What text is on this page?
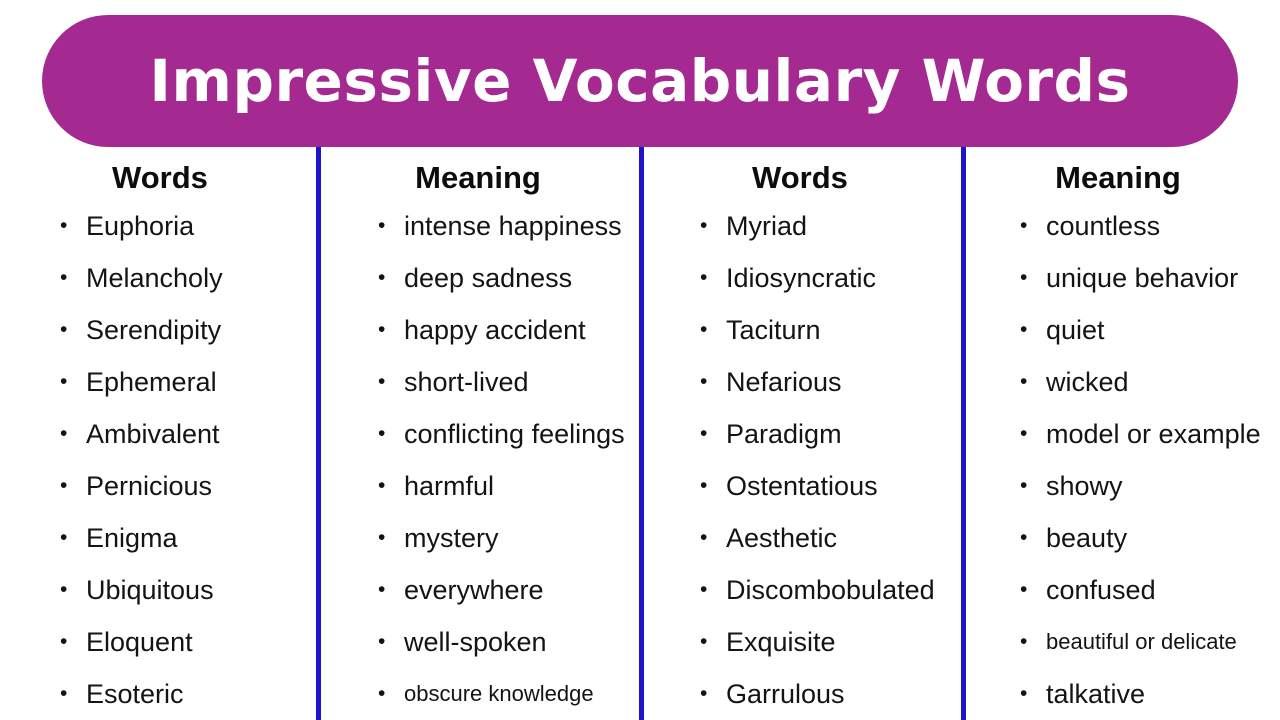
Impressive Vocabulary Words
Words
• Euphoria
• Melancholy
• Serendipity
• Ephemeral
• Ambivalent
• Pernicious
• Enigma
• Ubiquitous
• Eloquent
• Esoteric
Meaning
• intense happiness
• deep sadness
• happy accident
• short-lived
• conflicting feelings
• harmful
• mystery
• everywhere
• well-spoken
• obscure knowledge
Words
• Myriad
• Idiosyncratic
• Taciturn
• Nefarious
• Paradigm
• Ostentatious
• Aesthetic
• Discombobulated
• Exquisite
• Garrulous
Meaning
• countless
• unique behavior
• quiet
• wicked
• model or example
• showy
• beauty
• confused
• beautiful or delicate
• talkative
